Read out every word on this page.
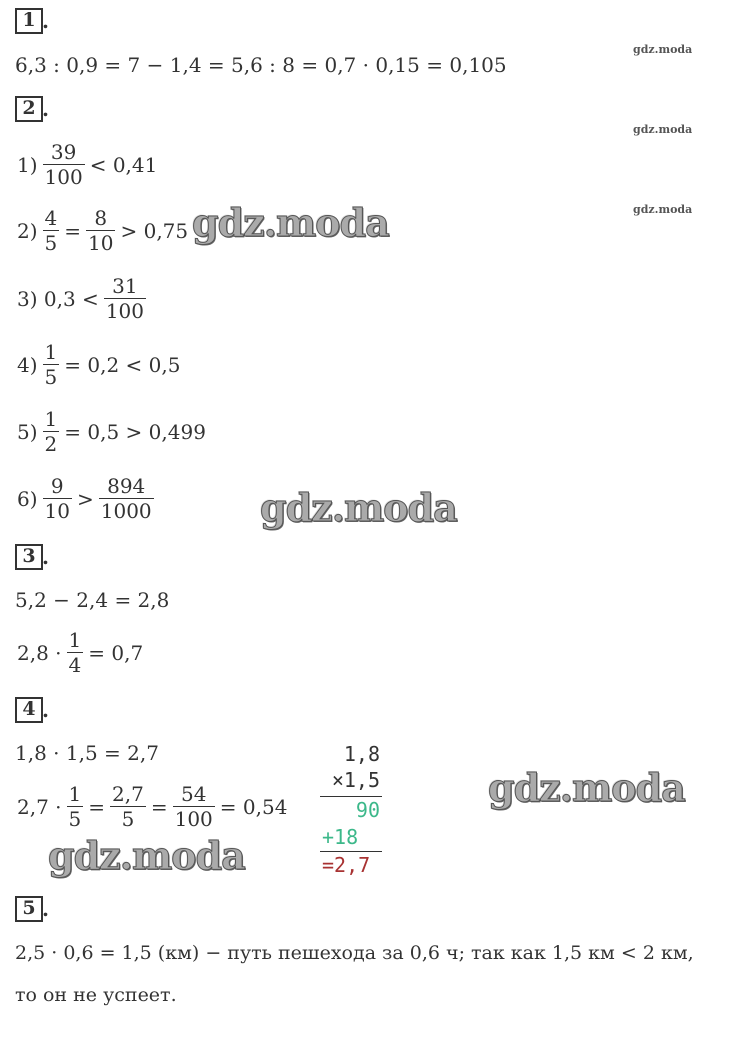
gdz.moda
gdz.moda
gdz.moda
1 .
6,3 : 0,9 = 7 − 1,4 = 5,6 : 8 = 0,7 · 0,15 = 0,105
2 .
$1) \frac{39}{100} < 0,41$
$2) \frac{4}{5} = \frac{8}{10} > 0,75$
3) $0,3 < \frac{31}{100}$
$4) \frac{1}{5} = 0,2 < 0,5$
$5) \frac{1}{2} = 0,5 > 0,499$
$6) \frac{9}{10} > \frac{894}{1000}$
3 .
5,2 − 2,4 = 2,8
$2,8 \cdot \frac{1}{4} = 0,7$
4 .
1,8 · 1,5 = 2,7
$2,7 \cdot \frac{1}{5} = \frac{2,7}{5} = \frac{54}{100} = 0,54$
1,8
×1,5
90
+18
=2,7
5 .
2,5 · 0,6 = 1,5 (км) − путь пешехода за 0,6 ч; так как 1,5 км < 2 км,
то он не успеет.
gdz.moda
gdz.moda
gdz.moda
gdz.moda
